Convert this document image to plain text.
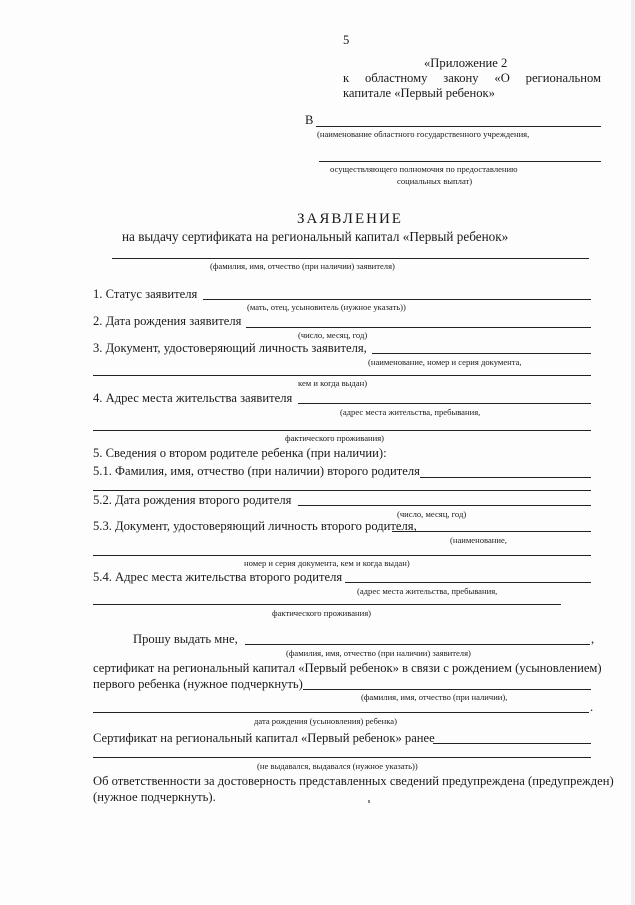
5
«Приложение 2
к областному закону «О региональном
капитале «Первый ребенок»
В
(наименование областного государственного учреждения,
осуществляющего полномочия по предоставлению
социальных выплат)
ЗАЯВЛЕНИЕ
на выдачу сертификата на региональный капитал «Первый ребенок»
(фамилия, имя, отчество (при наличии) заявителя)
1. Статус заявителя
(мать, отец, усыновитель (нужное указать))
2. Дата рождения заявителя
(число, месяц, год)
3. Документ, удостоверяющий личность заявителя,
(наименование, номер и серия документа,
кем и когда выдан)
4. Адрес места жительства заявителя
(адрес места жительства, пребывания,
фактического проживания)
5. Сведения о втором родителе ребенка (при наличии):
5.1. Фамилия, имя, отчество (при наличии) второго родителя
5.2. Дата рождения второго родителя
(число, месяц, год)
5.3. Документ, удостоверяющий личность второго родителя,
(наименование,
номер и серия документа, кем и когда выдан)
5.4. Адрес места жительства второго родителя
(адрес места жительства, пребывания,
фактического проживания)
Прошу выдать мне,	,
(фамилия, имя, отчество (при наличии) заявителя)
сертификат на региональный капитал «Первый ребенок» в связи с рождением (усыновлением)
первого ребенка (нужное подчеркнуть)
(фамилия, имя, отчество (при наличии),
.
дата рождения (усыновления) ребенка)
Сертификат на региональный капитал «Первый ребенок» ранее
(не выдавался, выдавался (нужное указать))
Об ответственности за достоверность представленных сведений предупреждена (предупрежден)
(нужное подчеркнуть).
